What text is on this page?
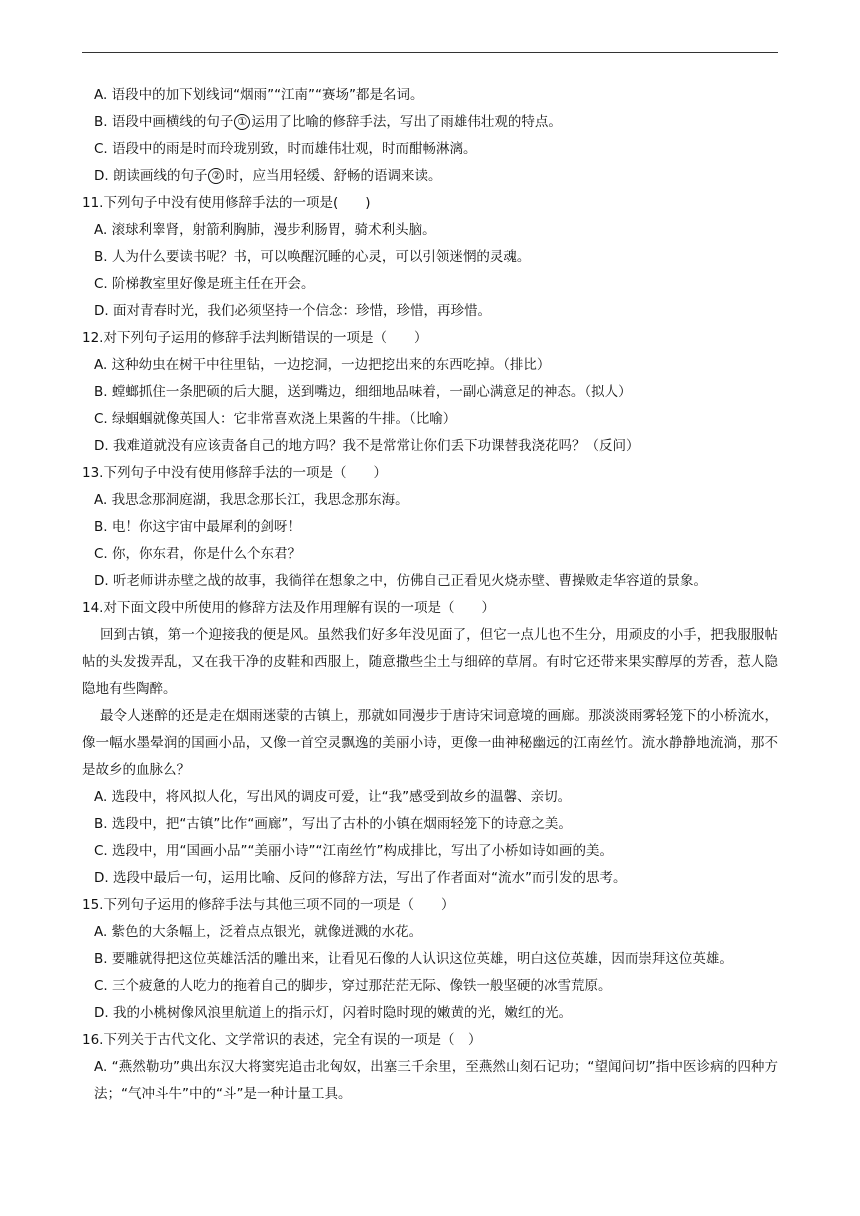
A. 语段中的加下划线词“烟雨”“江南”“赛场”都是名词。
B. 语段中画横线的句子 ① 运用了比喻的修辞手法，写出了雨雄伟壮观的特点。
C. 语段中的雨是时而玲珑别致，时而雄伟壮观，时而酣畅淋漓。
D. 朗读画线的句子 ② 时，应当用轻缓、舒畅的语调来读。
11.下列句子中没有使用修辞手法的一项是(　　)
A. 滚球利睾肾，射箭利胸肺，漫步利肠胃，骑术利头脑。
B. 人为什么要读书呢？书，可以唤醒沉睡的心灵，可以引领迷惘的灵魂。
C. 阶梯教室里好像是班主任在开会。
D. 面对青春时光，我们必须坚持一个信念：珍惜，珍惜，再珍惜。
12.对下列句子运用的修辞手法判断错误的一项是（　　）
A. 这种幼虫在树干中往里钻，一边挖洞，一边把挖出来的东西吃掉。（排比）
B. 螳螂抓住一条肥硕的后大腿，送到嘴边，细细地品味着，一副心满意足的神态。（拟人）
C. 绿蝈蝈就像英国人：它非常喜欢浇上果酱的牛排。（比喻）
D. 我难道就没有应该责备自己的地方吗？我不是常常让你们丢下功课替我浇花吗？（反问）
13.下列句子中没有使用修辞手法的一项是（　　）
A. 我思念那洞庭湖，我思念那长江，我思念那东海。
B. 电！你这宇宙中最犀利的剑呀！
C. 你，你东君，你是什么个东君？
D. 听老师讲赤壁之战的故事，我徜徉在想象之中，仿佛自己正看见火烧赤壁、曹操败走华容道的景象。
14.对下面文段中所使用的修辞方法及作用理解有误的一项是（　　）
回到古镇，第一个迎接我的便是风。虽然我们好多年没见面了，但它一点儿也不生分，用顽皮的小手，把我服服帖帖的头发拨弄乱，又在我干净的皮鞋和西服上，随意撒些尘土与细碎的草屑。有时它还带来果实醇厚的芳香，惹人隐隐地有些陶醉。
最令人迷醉的还是走在烟雨迷蒙的古镇上，那就如同漫步于唐诗宋词意境的画廊。那淡淡雨雾轻笼下的小桥流水，像一幅水墨晕润的国画小品，又像一首空灵飘逸的美丽小诗，更像一曲神秘幽远的江南丝竹。流水静静地流淌，那不是故乡的血脉么？
A. 选段中，将风拟人化，写出风的调皮可爱，让“我”感受到故乡的温馨、亲切。
B. 选段中，把“古镇”比作“画廊”，写出了古朴的小镇在烟雨轻笼下的诗意之美。
C. 选段中，用“国画小品”“美丽小诗”“江南丝竹”构成排比，写出了小桥如诗如画的美。
D. 选段中最后一句，运用比喻、反问的修辞方法，写出了作者面对“流水”而引发的思考。
15.下列句子运用的修辞手法与其他三项不同的一项是（　　）
A. 紫色的大条幅上，泛着点点银光，就像迸溅的水花。
B. 要雕就得把这位英雄活活的雕出来，让看见石像的人认识这位英雄，明白这位英雄，因而崇拜这位英雄。
C. 三个疲惫的人吃力的拖着自己的脚步，穿过那茫茫无际、像铁一般坚硬的冰雪荒原。
D. 我的小桃树像风浪里航道上的指示灯，闪着时隐时现的嫩黄的光，嫩红的光。
16.下列关于古代文化、文学常识的表述，完全有误的一项是（　）
A. “燕然勒功”典出东汉大将窦宪追击北匈奴，出塞三千余里，至燕然山刻石记功；“望闻问切”指中医诊病的四种方法；“气冲斗牛”中的“斗”是一种计量工具。
